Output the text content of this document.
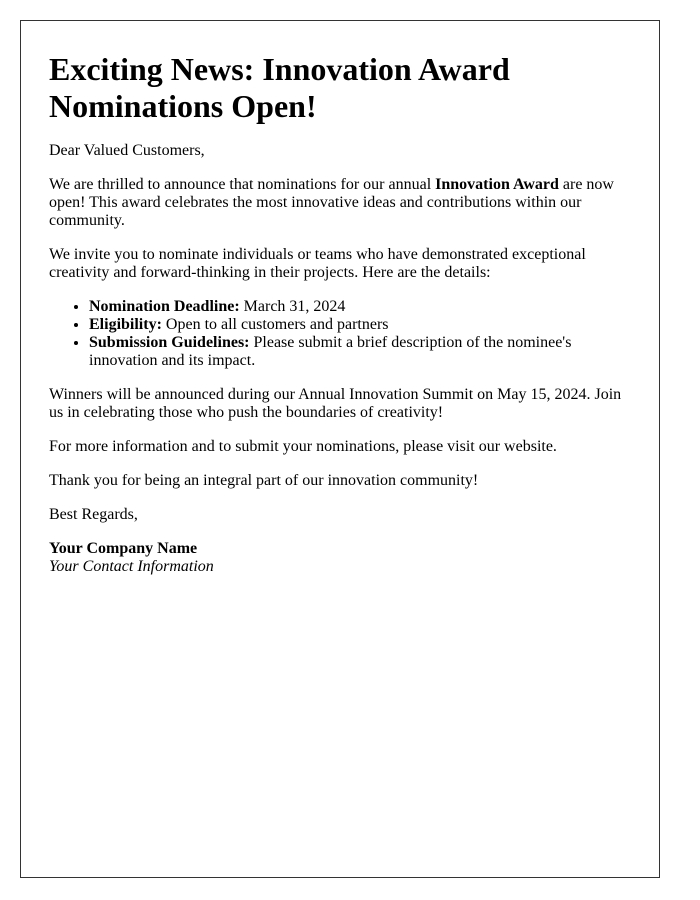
Exciting News: Innovation Award Nominations Open!

Dear Valued Customers,

We are thrilled to announce that nominations for our annual Innovation Award are now open! This award celebrates the most innovative ideas and contributions within our community.

We invite you to nominate individuals or teams who have demonstrated exceptional creativity and forward-thinking in their projects. Here are the details:

• Nomination Deadline: March 31, 2024
• Eligibility: Open to all customers and partners
• Submission Guidelines: Please submit a brief description of the nominee's innovation and its impact.

Winners will be announced during our Annual Innovation Summit on May 15, 2024. Join us in celebrating those who push the boundaries of creativity!

For more information and to submit your nominations, please visit our website.

Thank you for being an integral part of our innovation community!

Best Regards,

Your Company Name
Your Contact Information
